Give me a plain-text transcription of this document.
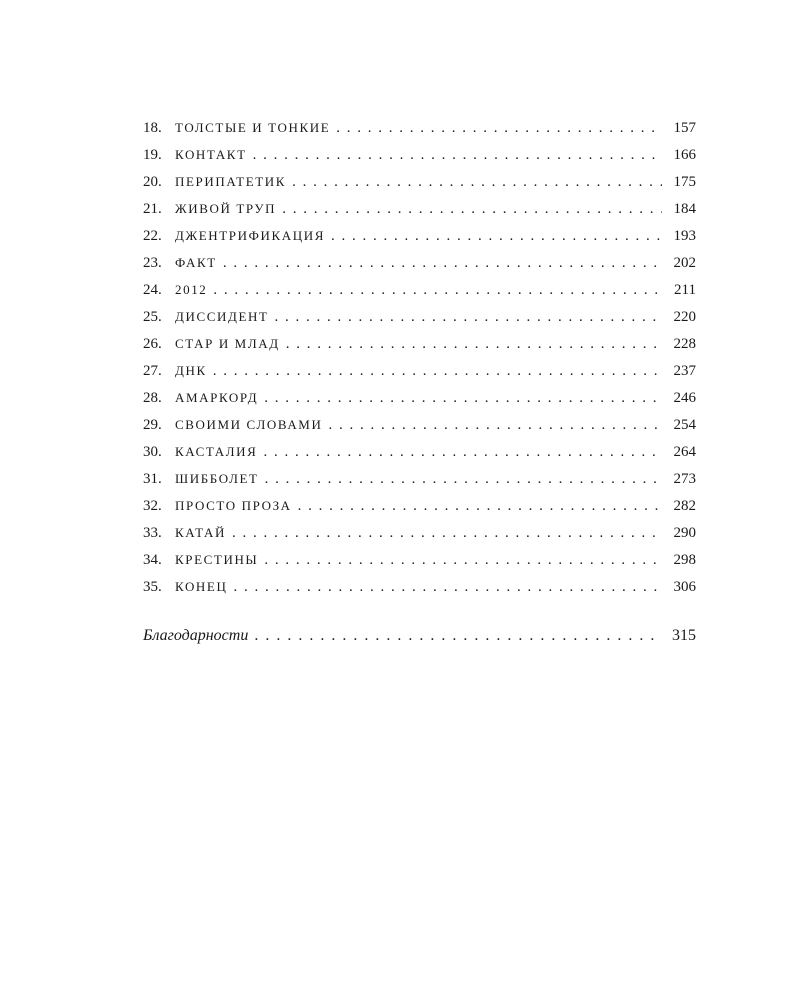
18.	ТОЛСТЫЕ И ТОНКИЕ . . .	157
19.	КОНТАКТ . . .	166
20.	ПЕРИПАТЕТИК . . .	175
21.	ЖИВОЙ ТРУП . . .	184
22.	ДЖЕНТРИФИКАЦИЯ . . .	193
23.	ФАКТ . . .	202
24.	2012 . . .	211
25.	ДИССИДЕНТ . . .	220
26.	СТАР И МЛАД . . .	228
27.	ДНК . . .	237
28.	АМАРКОРД . . .	246
29.	СВОИМИ СЛОВАМИ . . .	254
30.	КАСТАЛИЯ . . .	264
31.	ШИББОЛЕТ . . .	273
32.	ПРОСТО ПРОЗА . . .	282
33.	КАТАЙ . . .	290
34.	КРЕСТИНЫ . . .	298
35.	КОНЕЦ . . .	306
Благодарности . . .	315
